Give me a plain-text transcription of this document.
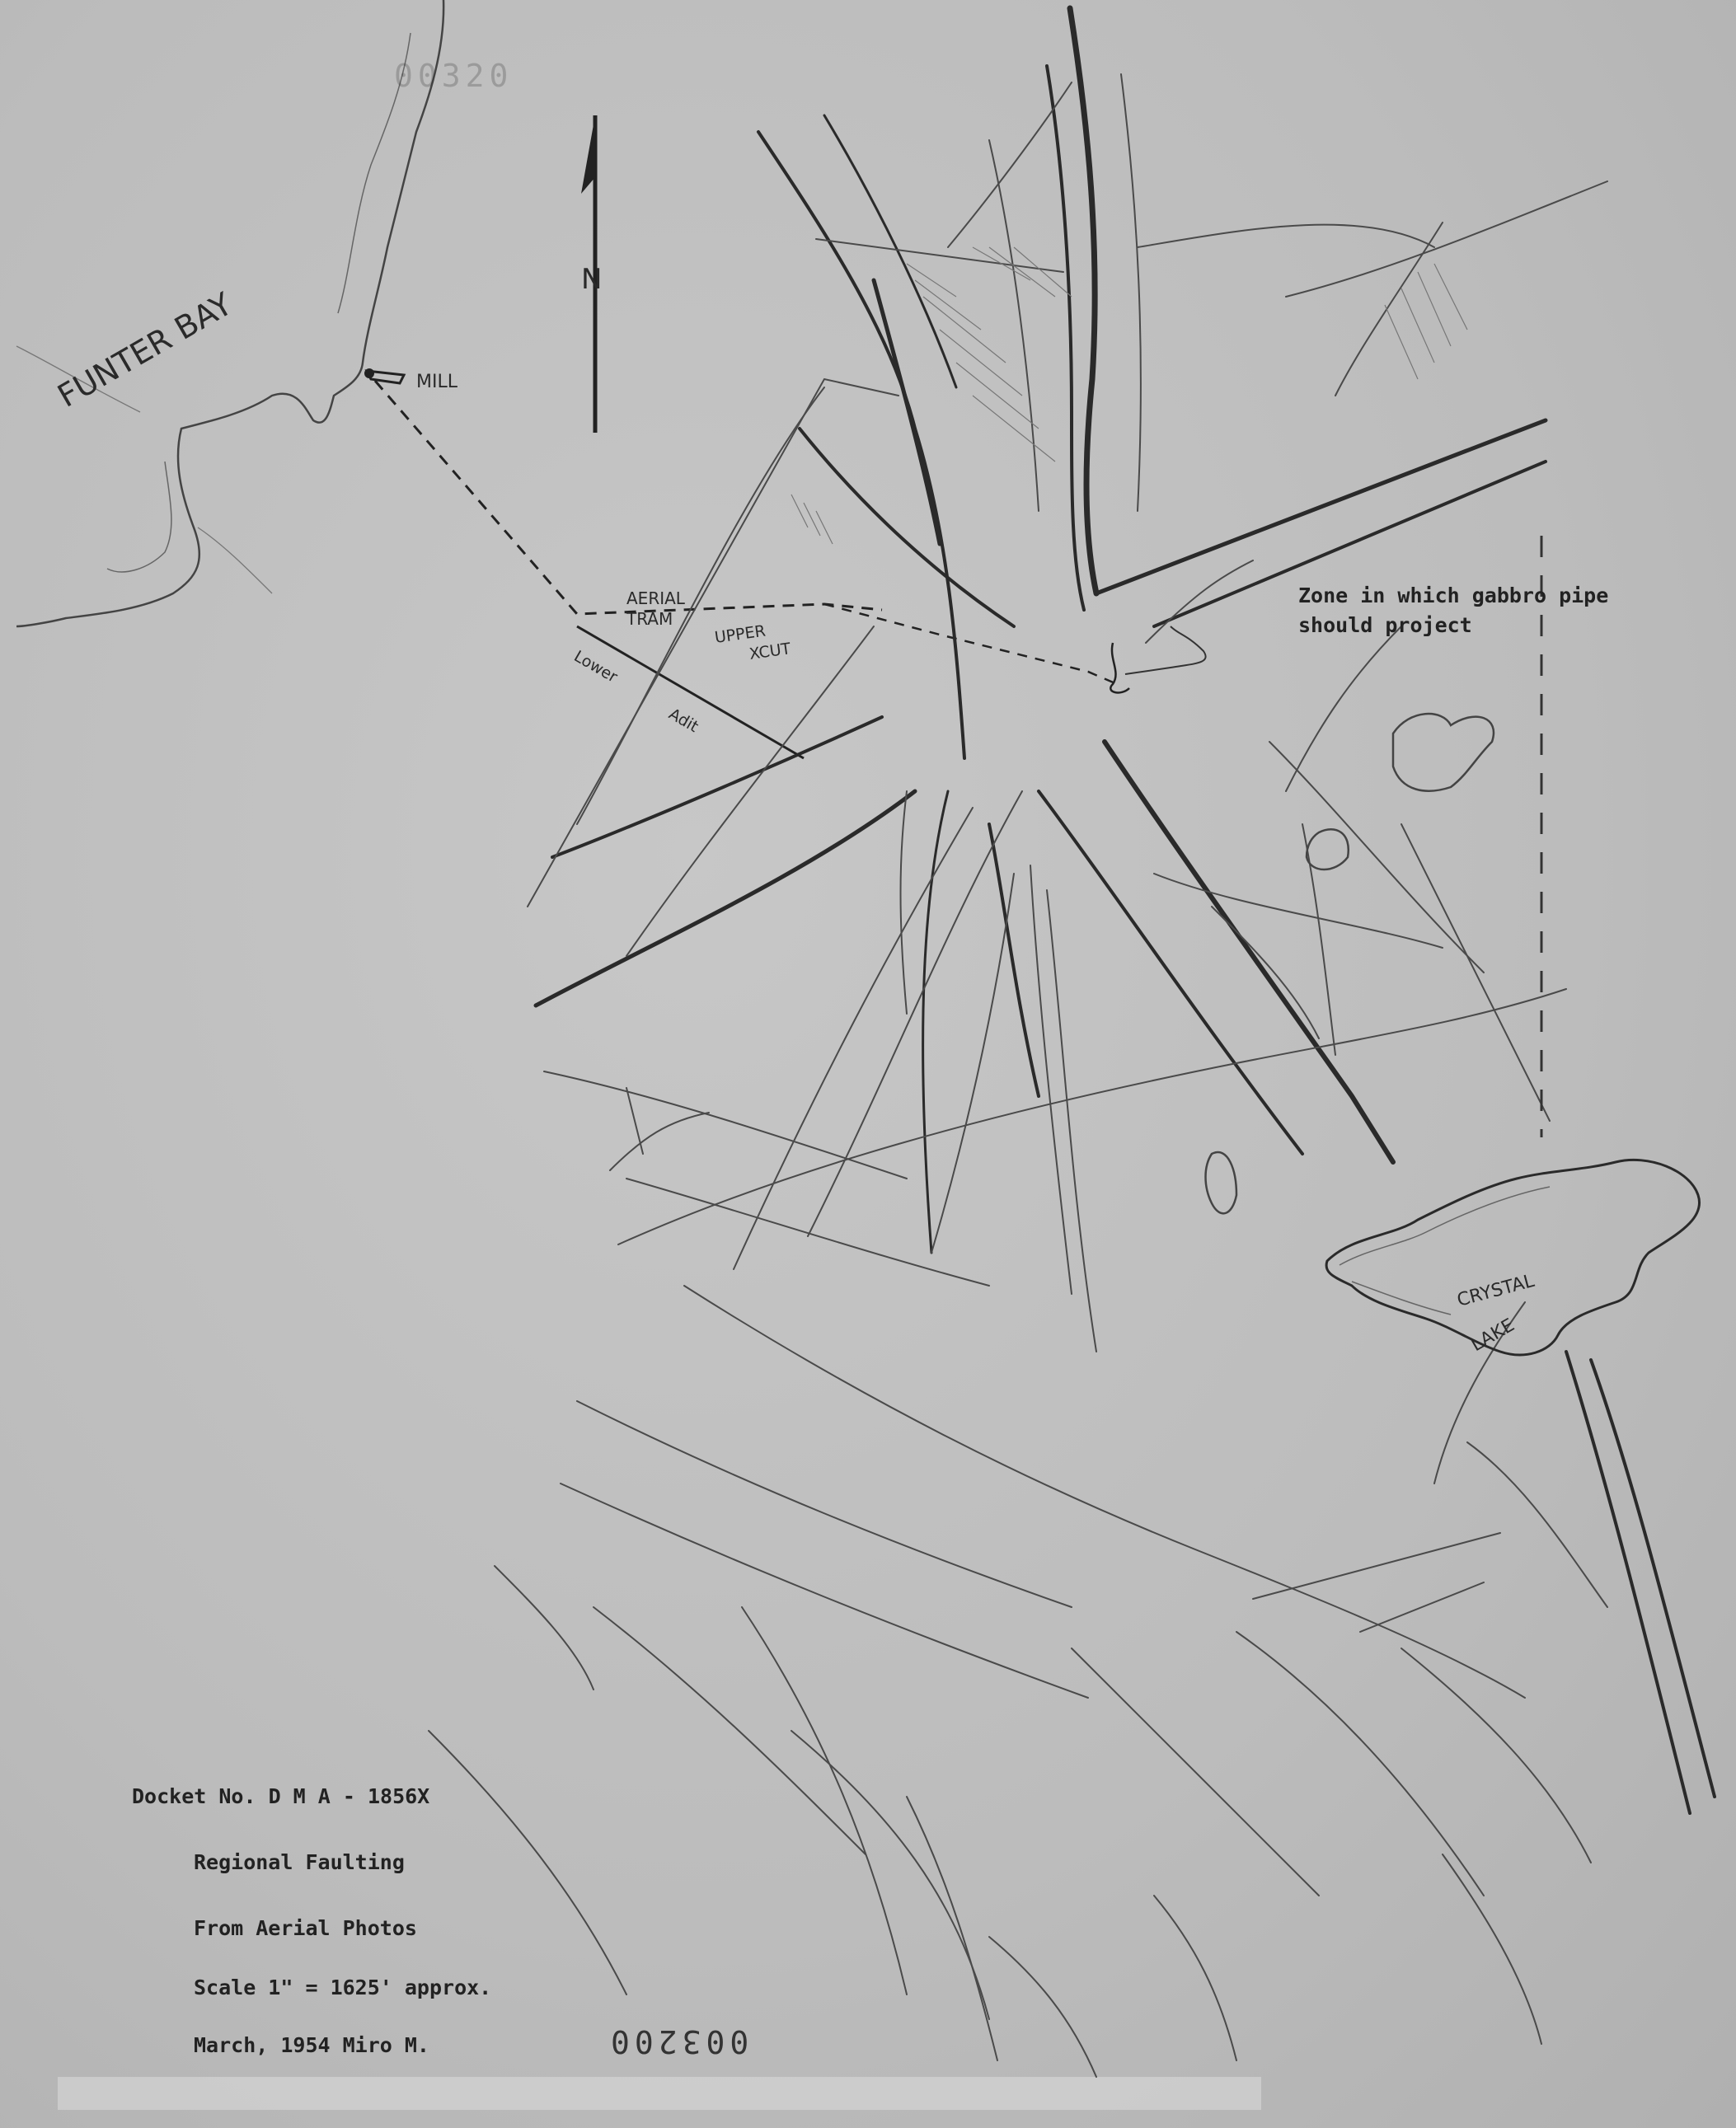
FUNTER BAY	MILL
N
AERIAL
TRAM
UPPER
XCUT
Lower
Adit
CRYSTAL
LAKE
Zone in which gabbro pipe
should project
Docket No. D M A - 1856X
Regional Faulting
From Aerial Photos
Scale 1" = 1625' approx.
March, 1954 Miro M.	003200
00320
